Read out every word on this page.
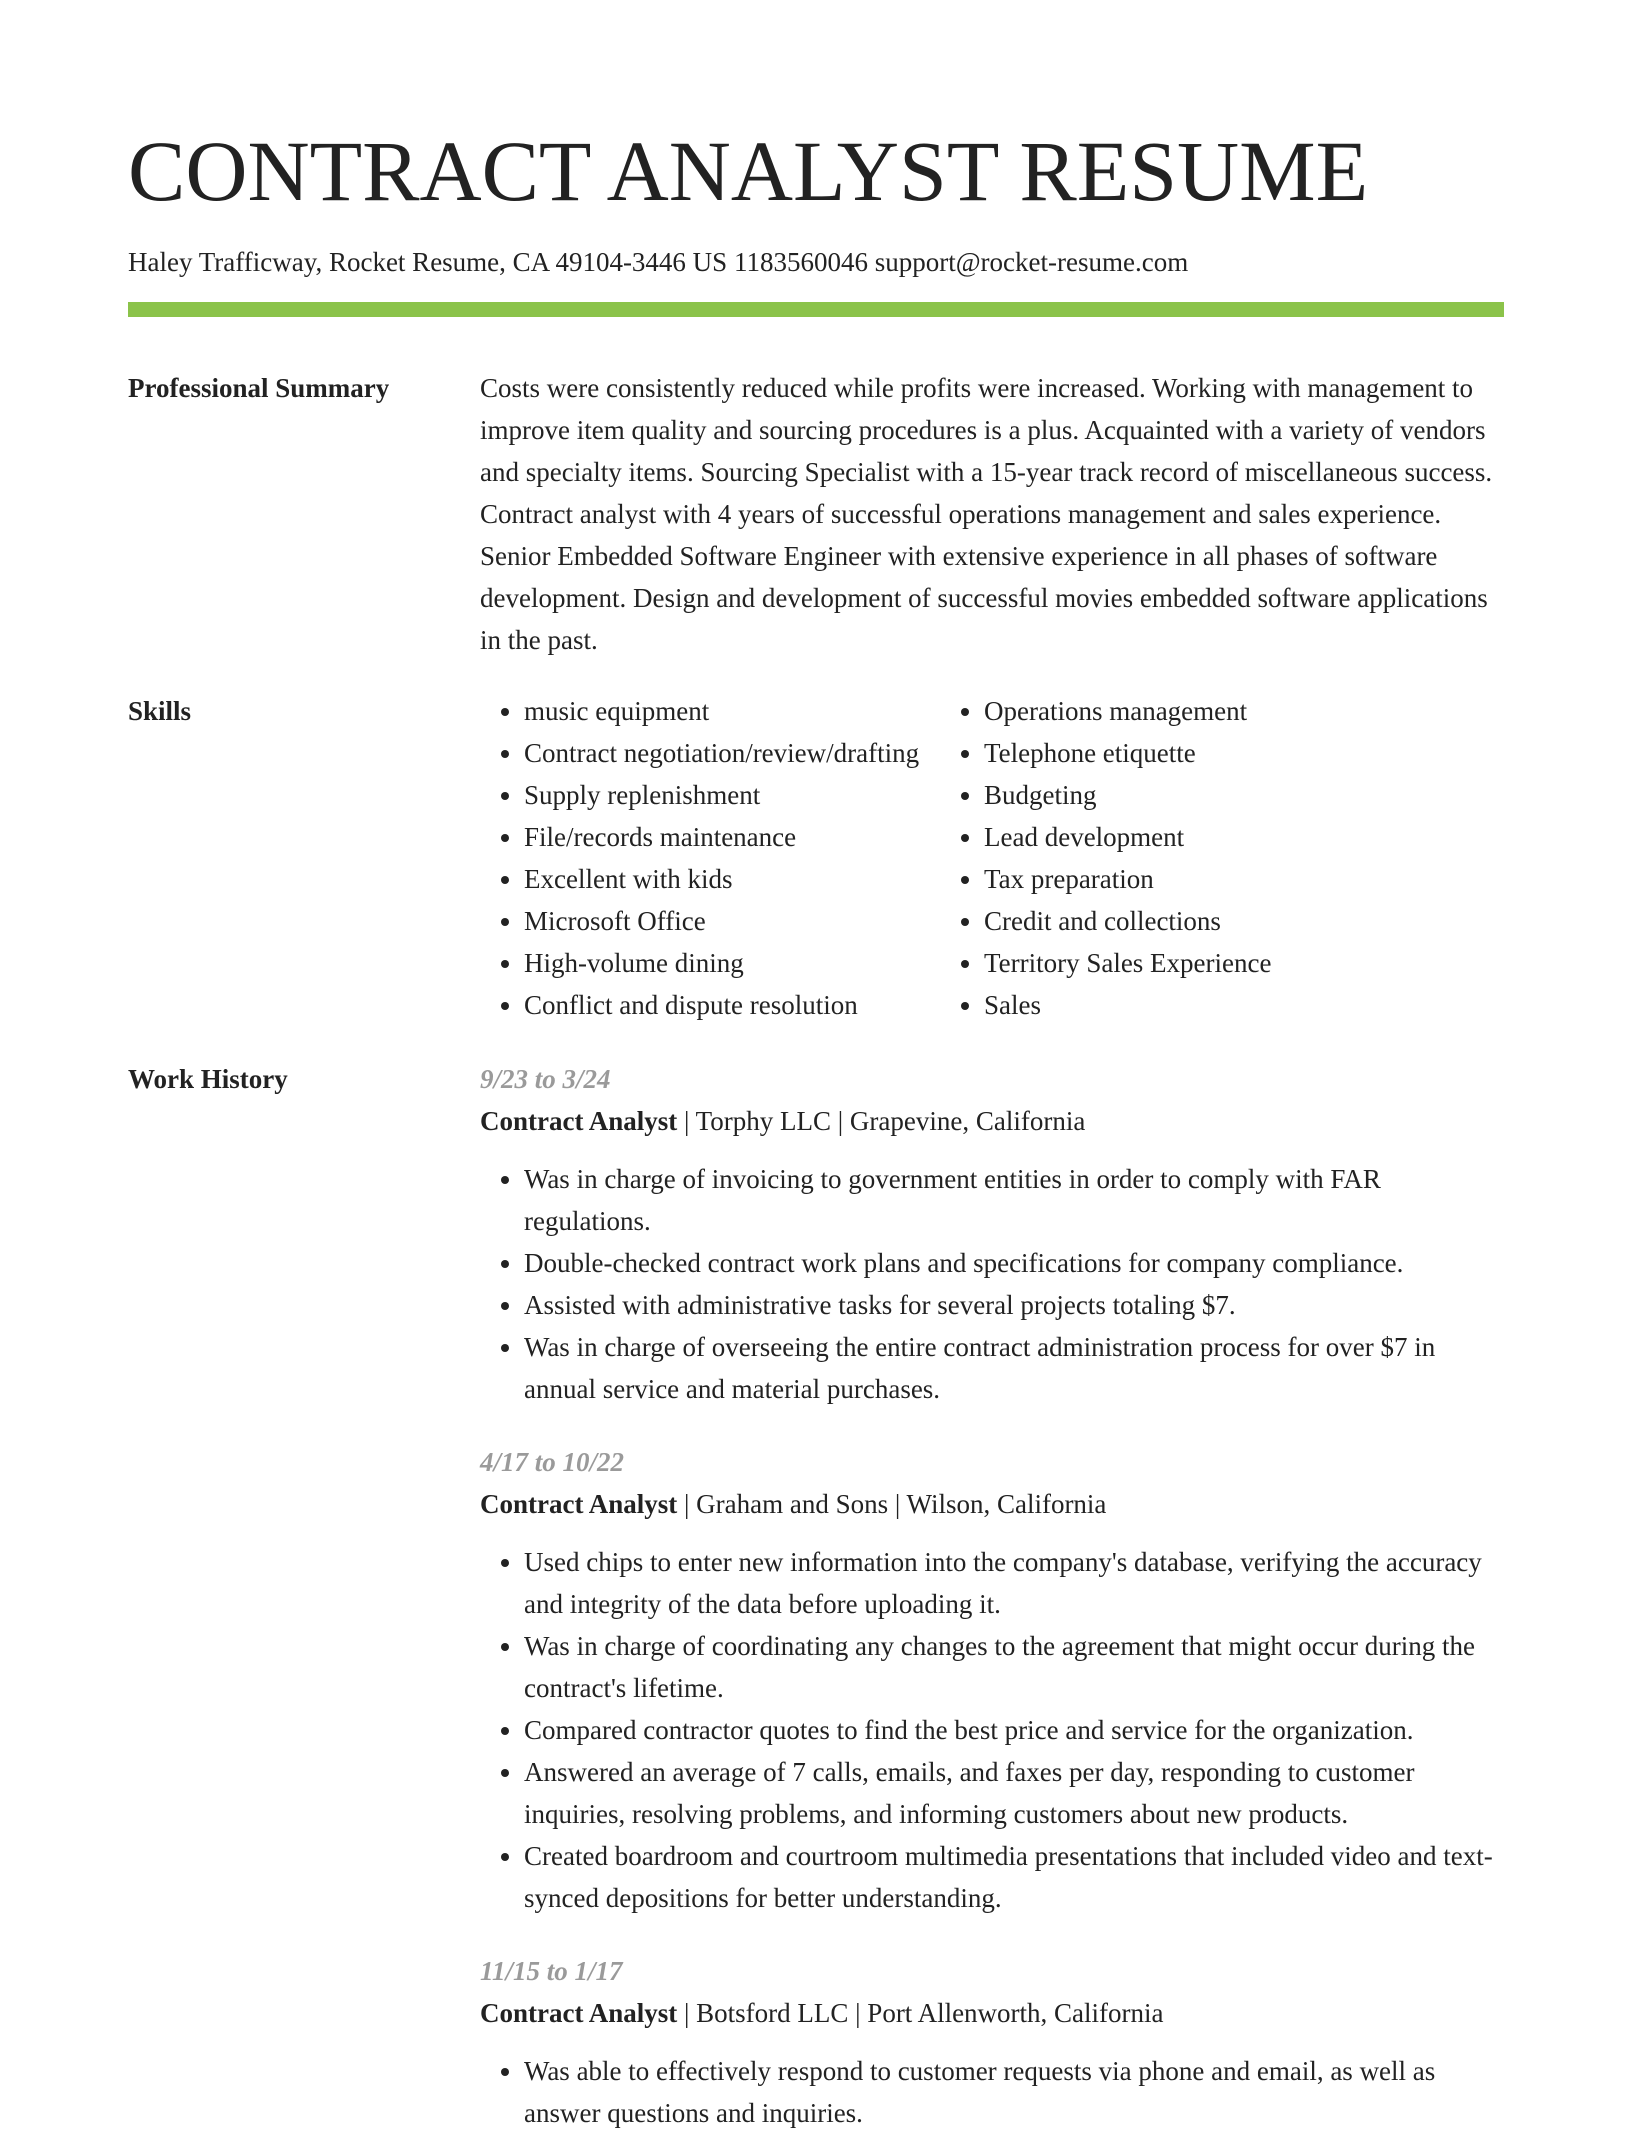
CONTRACT ANALYST RESUME
Haley Trafficway, Rocket Resume, CA 49104-3446 US 1183560046 support@rocket-resume.com
Professional Summary	Costs were consistently reduced while profits were increased. Working with management to improve item quality and sourcing procedures is a plus. Acquainted with a variety of vendors and specialty items. Sourcing Specialist with a 15-year track record of miscellaneous success. Contract analyst with 4 years of successful operations management and sales experience. Senior Embedded Software Engineer with extensive experience in all phases of software development. Design and development of successful movies embedded software applications in the past.
Skills
•	music equipment
• Contract negotiation/review/drafting
• Supply replenishment
• File/records maintenance
• Excellent with kids
• Microsoft Office
• High-volume dining
• Conflict and dispute resolution
• Operations management
• Telephone etiquette
• Budgeting
• Lead development
• Tax preparation
• Credit and collections
• Territory Sales Experience
• Sales
Work History	9/23 to 3/24
Contract Analyst | Torphy LLC | Grapevine, California
• Was in charge of invoicing to government entities in order to comply with FAR regulations.
• Double-checked contract work plans and specifications for company compliance.
• Assisted with administrative tasks for several projects totaling $7.
• Was in charge of overseeing the entire contract administration process for over $7 in annual service and material purchases.
4/17 to 10/22
Contract Analyst | Graham and Sons | Wilson, California
• Used chips to enter new information into the company's database, verifying the accuracy and integrity of the data before uploading it.
• Was in charge of coordinating any changes to the agreement that might occur during the contract's lifetime.
• Compared contractor quotes to find the best price and service for the organization.
• Answered an average of 7 calls, emails, and faxes per day, responding to customer inquiries, resolving problems, and informing customers about new products.
• Created boardroom and courtroom multimedia presentations that included video and text-synced depositions for better understanding.
11/15 to 1/17
Contract Analyst | Botsford LLC | Port Allenworth, California
• Was able to effectively respond to customer requests via phone and email, as well as answer questions and inquiries.
